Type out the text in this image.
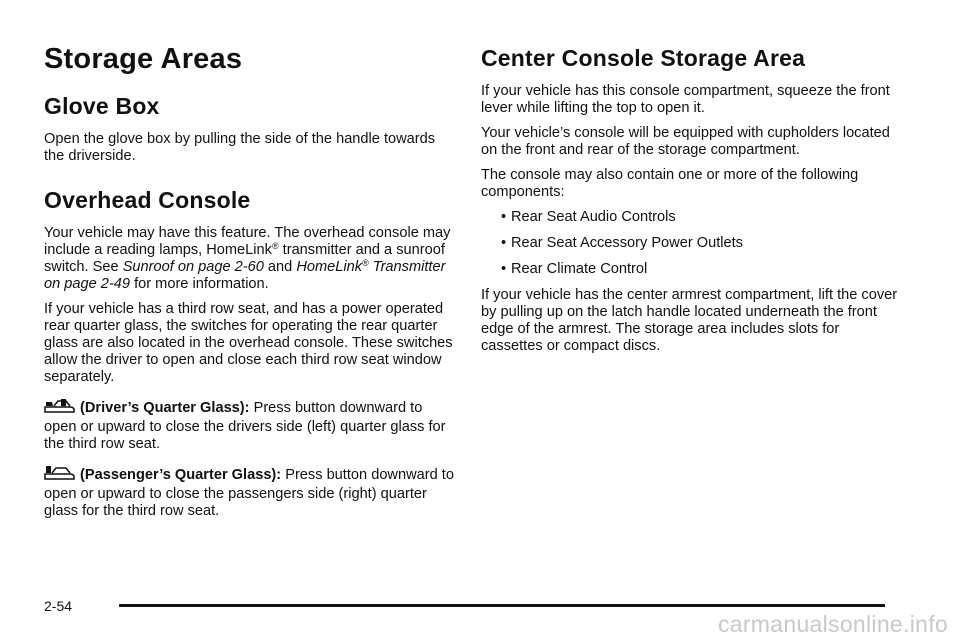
Storage Areas
Glove Box

Open the glove box by pulling the side of the handle towards the driverside.

Overhead Console

Your vehicle may have this feature. The overhead console may include a reading lamps, HomeLink® transmitter and a sunroof switch. See Sunroof on page 2-60 and HomeLink® Transmitter on page 2-49 for more information.

If your vehicle has a third row seat, and has a power operated rear quarter glass, the switches for operating the rear quarter glass are also located in the overhead console. These switches allow the driver to open and close each third row seat window separately.

(Driver’s Quarter Glass): Press button downward to open or upward to close the drivers side (left) quarter glass for the third row seat.

(Passenger’s Quarter Glass): Press button downward to open or upward to close the passengers side (right) quarter glass for the third row seat.

Center Console Storage Area

If your vehicle has this console compartment, squeeze the front lever while lifting the top to open it.

Your vehicle’s console will be equipped with cupholders located on the front and rear of the storage compartment.

The console may also contain one or more of the following components:

• Rear Seat Audio Controls
• Rear Seat Accessory Power Outlets
• Rear Climate Control

If your vehicle has the center armrest compartment, lift the cover by pulling up on the latch handle located underneath the front edge of the armrest. The storage area includes slots for cassettes or compact discs.

2-54
carmanualsonline.info
